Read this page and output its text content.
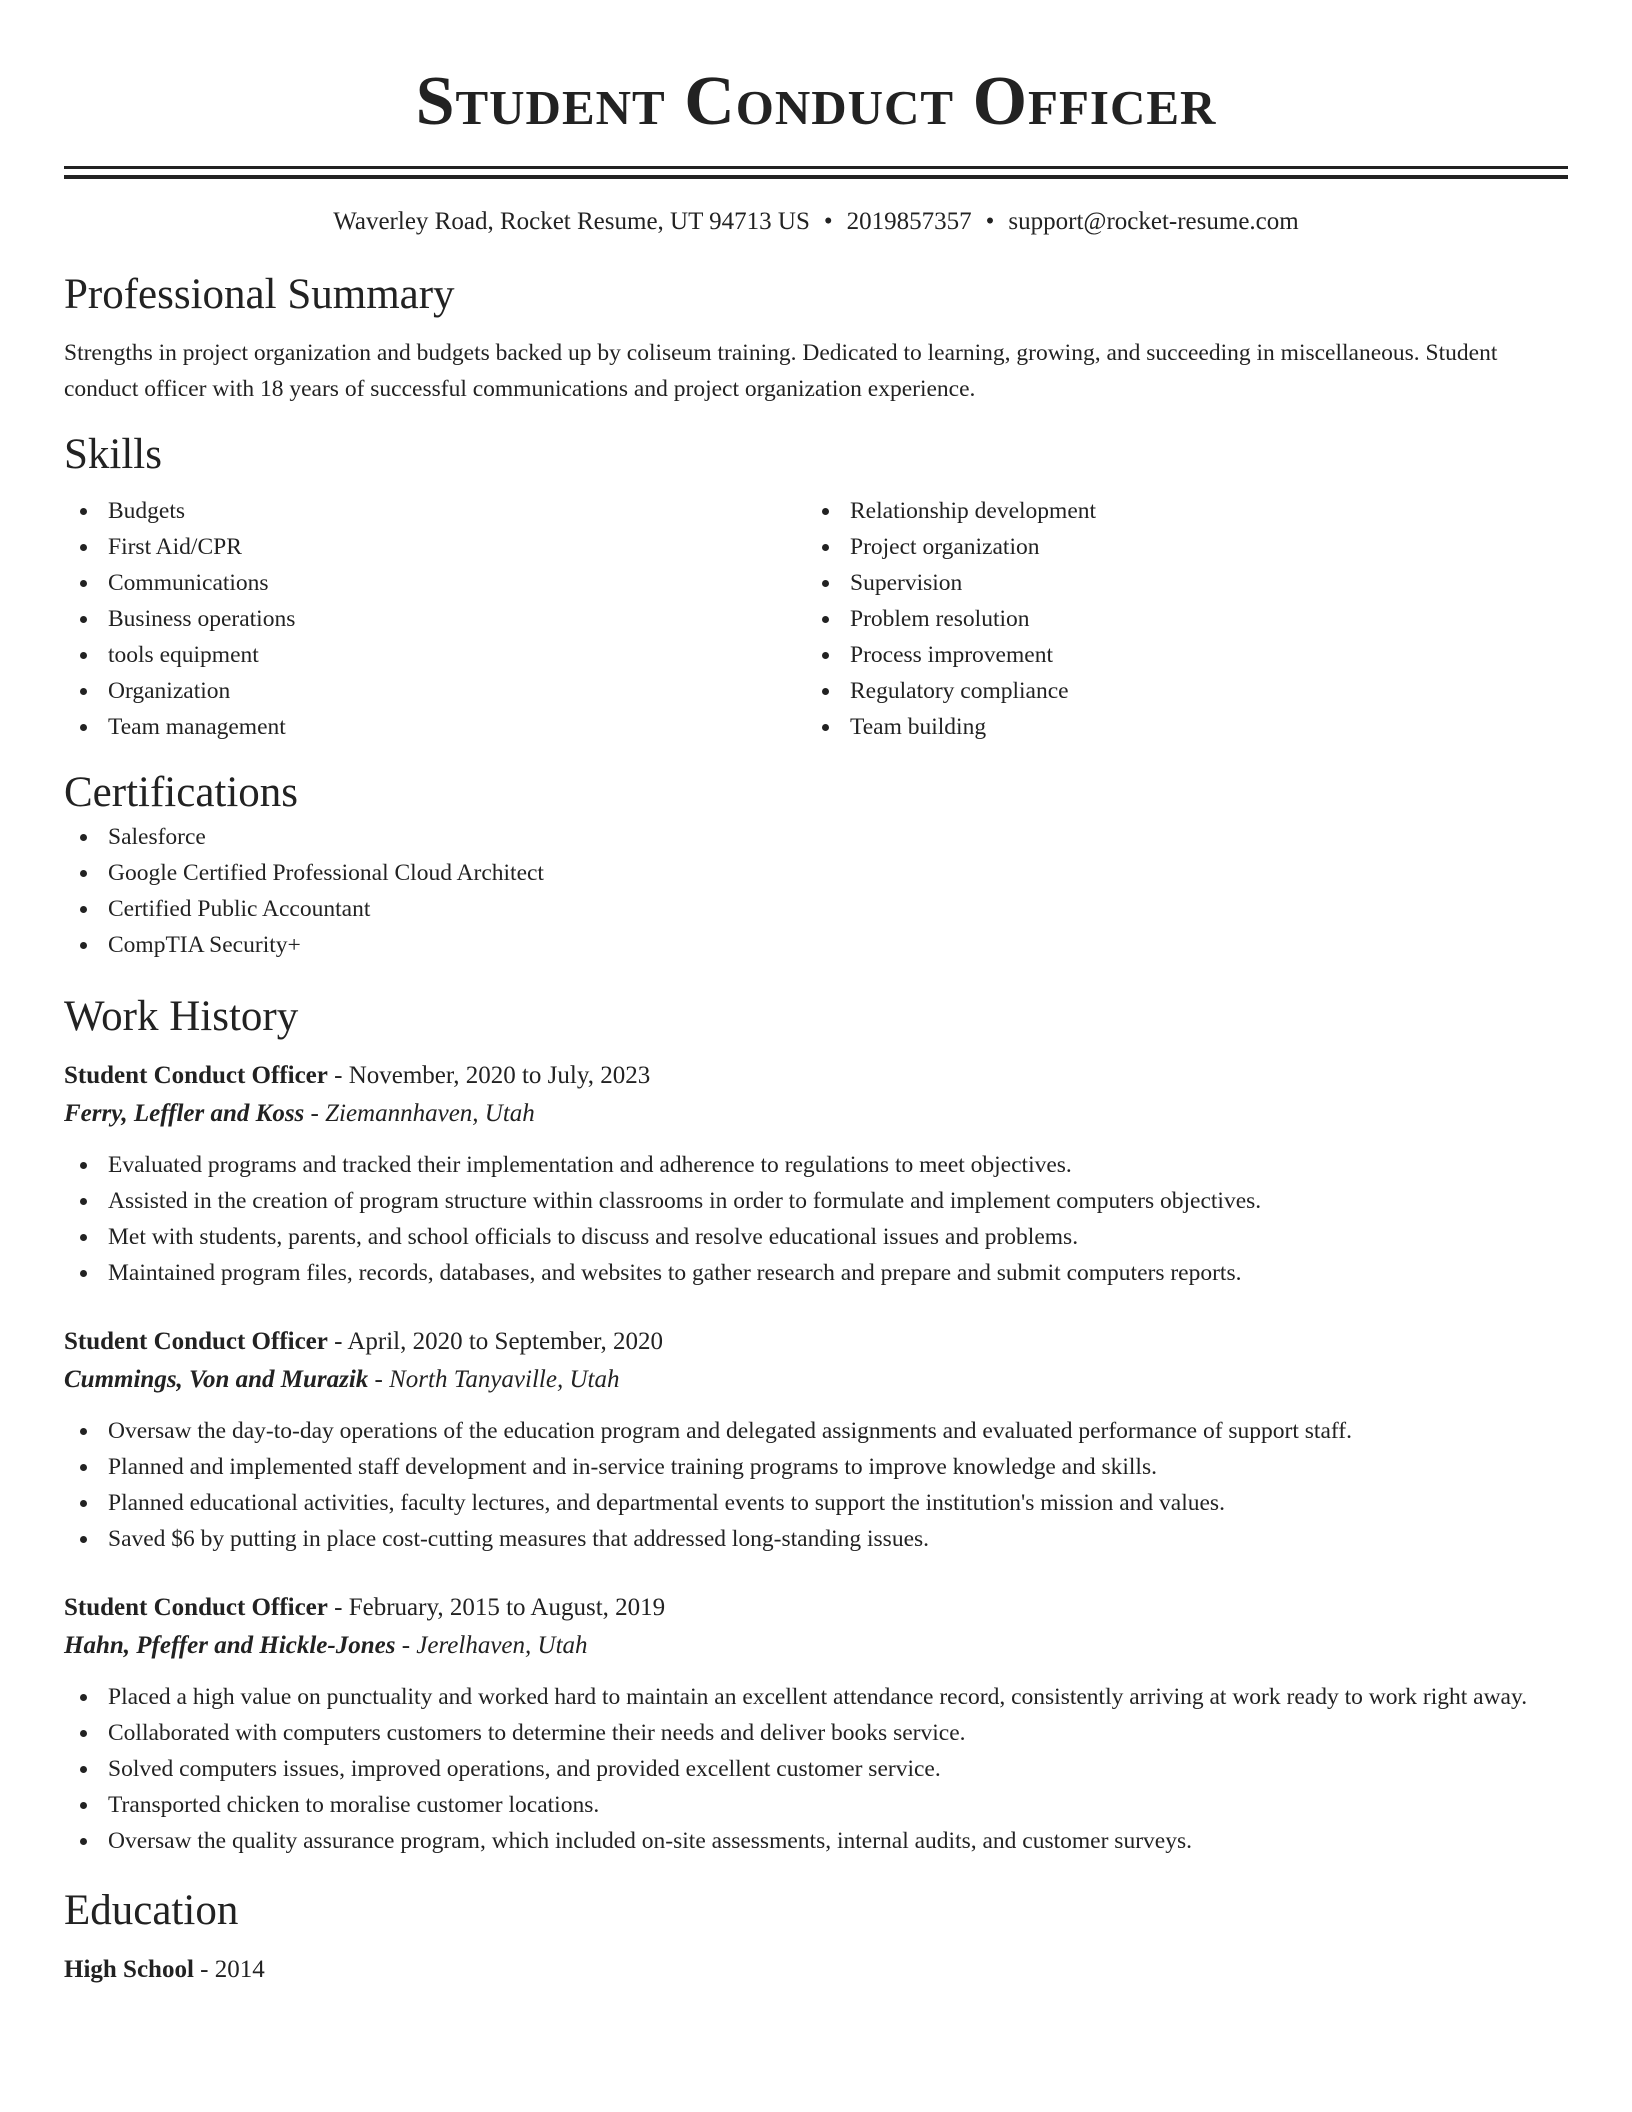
Student Conduct Officer
Waverley Road, Rocket Resume, UT 94713 US • 2019857357 • support@rocket-resume.com
Professional Summary

Strengths in project organization and budgets backed up by coliseum training. Dedicated to learning, growing, and succeeding in miscellaneous. Student conduct officer with 18 years of successful communications and project organization experience.

Skills
Budgets
First Aid/CPR
Communications
Business operations
tools equipment
Organization
Team management
Relationship development
Project organization
Supervision
Problem resolution
Process improvement
Regulatory compliance
Team building
Certifications
Salesforce
Google Certified Professional Cloud Architect
Certified Public Accountant
CompTIA Security+
Work History
Student Conduct Officer - November, 2020 to July, 2023
Ferry, Leffler and Koss - Ziemannhaven, Utah
Evaluated programs and tracked their implementation and adherence to regulations to meet objectives.
Assisted in the creation of program structure within classrooms in order to formulate and implement computers objectives.
Met with students, parents, and school officials to discuss and resolve educational issues and problems.
Maintained program files, records, databases, and websites to gather research and prepare and submit computers reports.
Student Conduct Officer - April, 2020 to September, 2020
Cummings, Von and Murazik - North Tanyaville, Utah
Oversaw the day-to-day operations of the education program and delegated assignments and evaluated performance of support staff.
Planned and implemented staff development and in-service training programs to improve knowledge and skills.
Planned educational activities, faculty lectures, and departmental events to support the institution's mission and values.
Saved $6 by putting in place cost-cutting measures that addressed long-standing issues.
Student Conduct Officer - February, 2015 to August, 2019
Hahn, Pfeffer and Hickle-Jones - Jerelhaven, Utah
Placed a high value on punctuality and worked hard to maintain an excellent attendance record, consistently arriving at work ready to work right away.
Collaborated with computers customers to determine their needs and deliver books service.
Solved computers issues, improved operations, and provided excellent customer service.
Transported chicken to moralise customer locations.
Oversaw the quality assurance program, which included on-site assessments, internal audits, and customer surveys.
Education
High School - 2014
